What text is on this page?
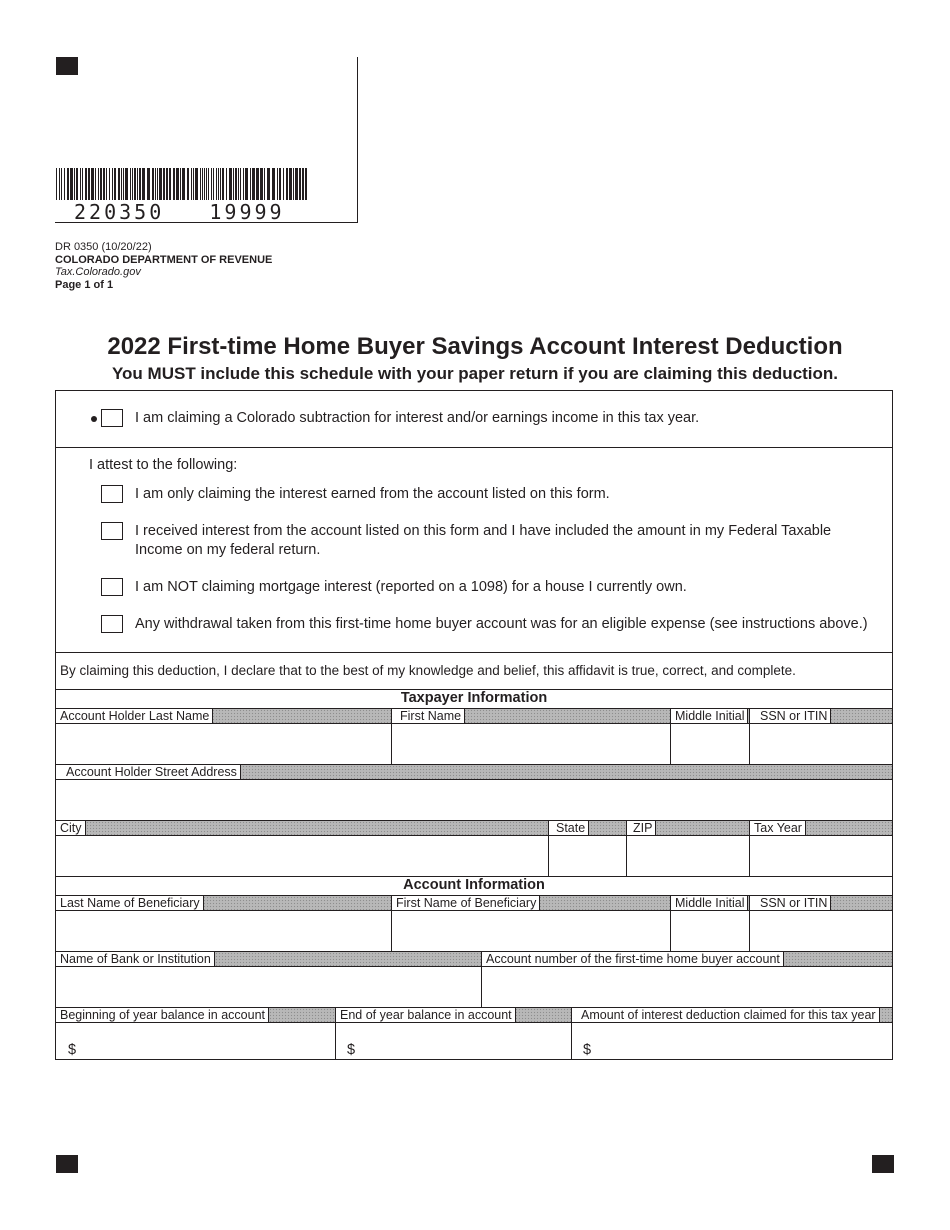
220350   19999
DR 0350 (10/20/22)
COLORADO DEPARTMENT OF REVENUE
Tax.Colorado.gov
Page 1 of 1
2022 First-time Home Buyer Savings Account Interest Deduction
You MUST include this schedule with your paper return if you are claiming this deduction.
I am claiming a Colorado subtraction for interest and/or earnings income in this tax year.
I attest to the following:
I am only claiming the interest earned from the account listed on this form.
I received interest from the account listed on this form and I have included the amount in my Federal Taxable
Income on my federal return.
I am NOT claiming mortgage interest (reported on a 1098) for a house I currently own.
Any withdrawal taken from this first-time home buyer account was for an eligible expense (see instructions above.)
By claiming this deduction, I declare that to the best of my knowledge and belief, this affidavit is true, correct, and complete.
Taxpayer Information
Account Holder Last Name	First Name	Middle Initial	SSN or ITIN
Account Holder Street Address
City	State	ZIP	Tax Year
Account Information
Last Name of Beneficiary	First Name of Beneficiary	Middle Initial	SSN or ITIN
Name of Bank or Institution	Account number of the first-time home buyer account
Beginning of year balance in account	End of year balance in account	Amount of interest deduction claimed for this tax year
$	$	$
